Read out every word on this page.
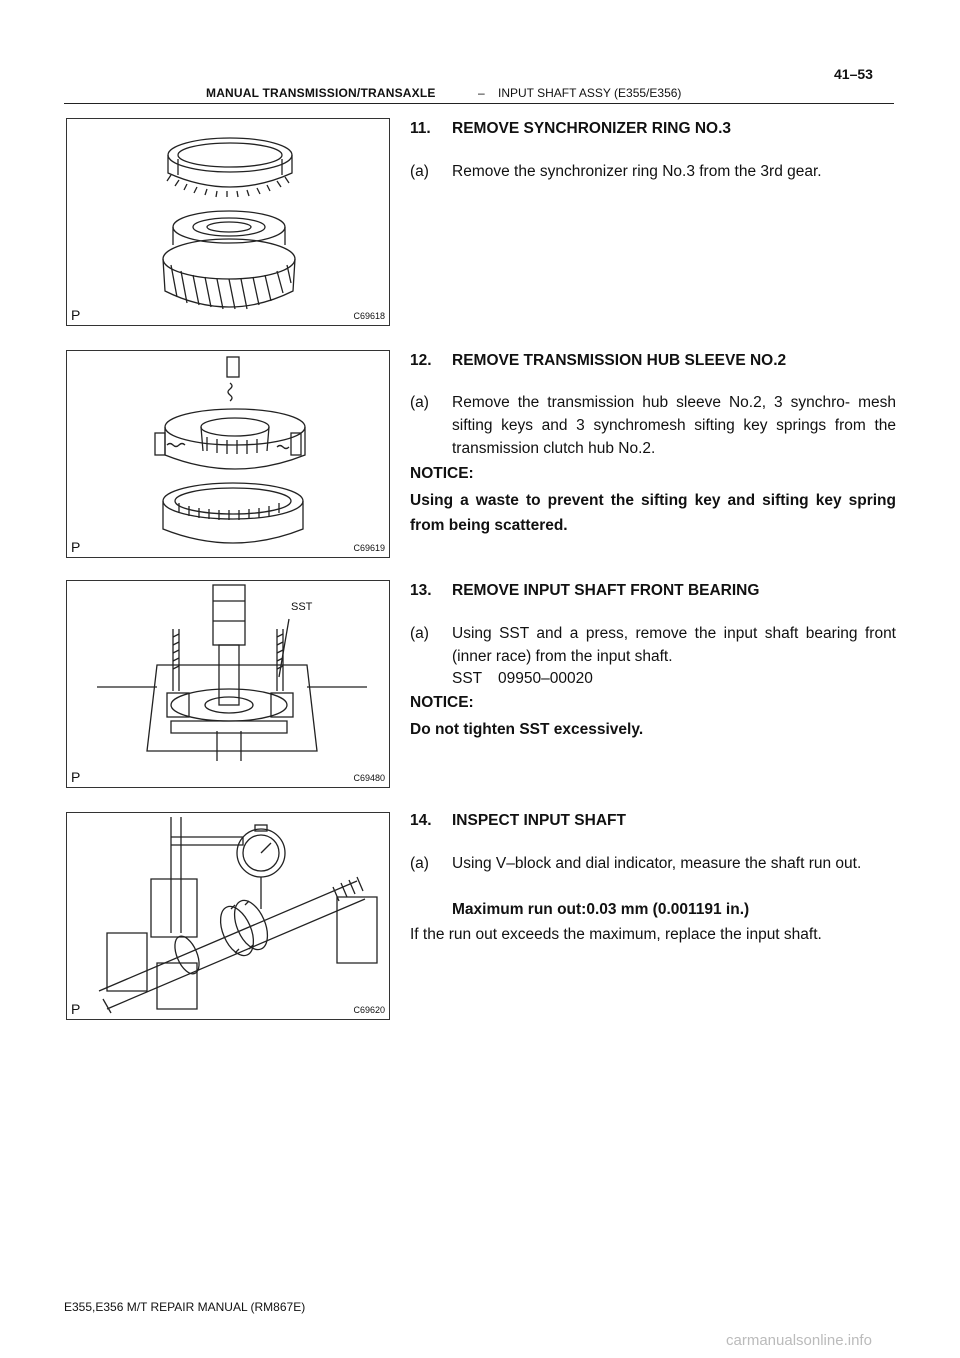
MANUAL TRANSMISSION/TRANSAXLE	– INPUT SHAFT ASSY (E355/E356)
41–53
P	C69618
P	C69619
SST
P	C69480
P	C69620
11. REMOVE SYNCHRONIZER RING NO.3
(a) Remove the synchronizer ring No.3 from the 3rd gear.
12. REMOVE TRANSMISSION HUB SLEEVE NO.2
(a) Remove the transmission hub sleeve No.2, 3 synchro- mesh sifting keys and 3 synchromesh sifting key springs from the transmission clutch hub No.2.
NOTICE:
Using a waste to prevent the sifting key and sifting key spring from being scattered.
13. REMOVE INPUT SHAFT FRONT BEARING
(a) Using SST and a press, remove the input shaft bearing front (inner race) from the input shaft.
SST 09950–00020
NOTICE:
Do not tighten SST excessively.
14. INSPECT INPUT SHAFT
(a) Using V–block and dial indicator, measure the shaft run out.
Maximum run out:0.03 mm (0.001191 in.)
If the run out exceeds the maximum, replace the input shaft.
E355,E356 M/T REPAIR MANUAL (RM867E)
carmanualsonline.info
